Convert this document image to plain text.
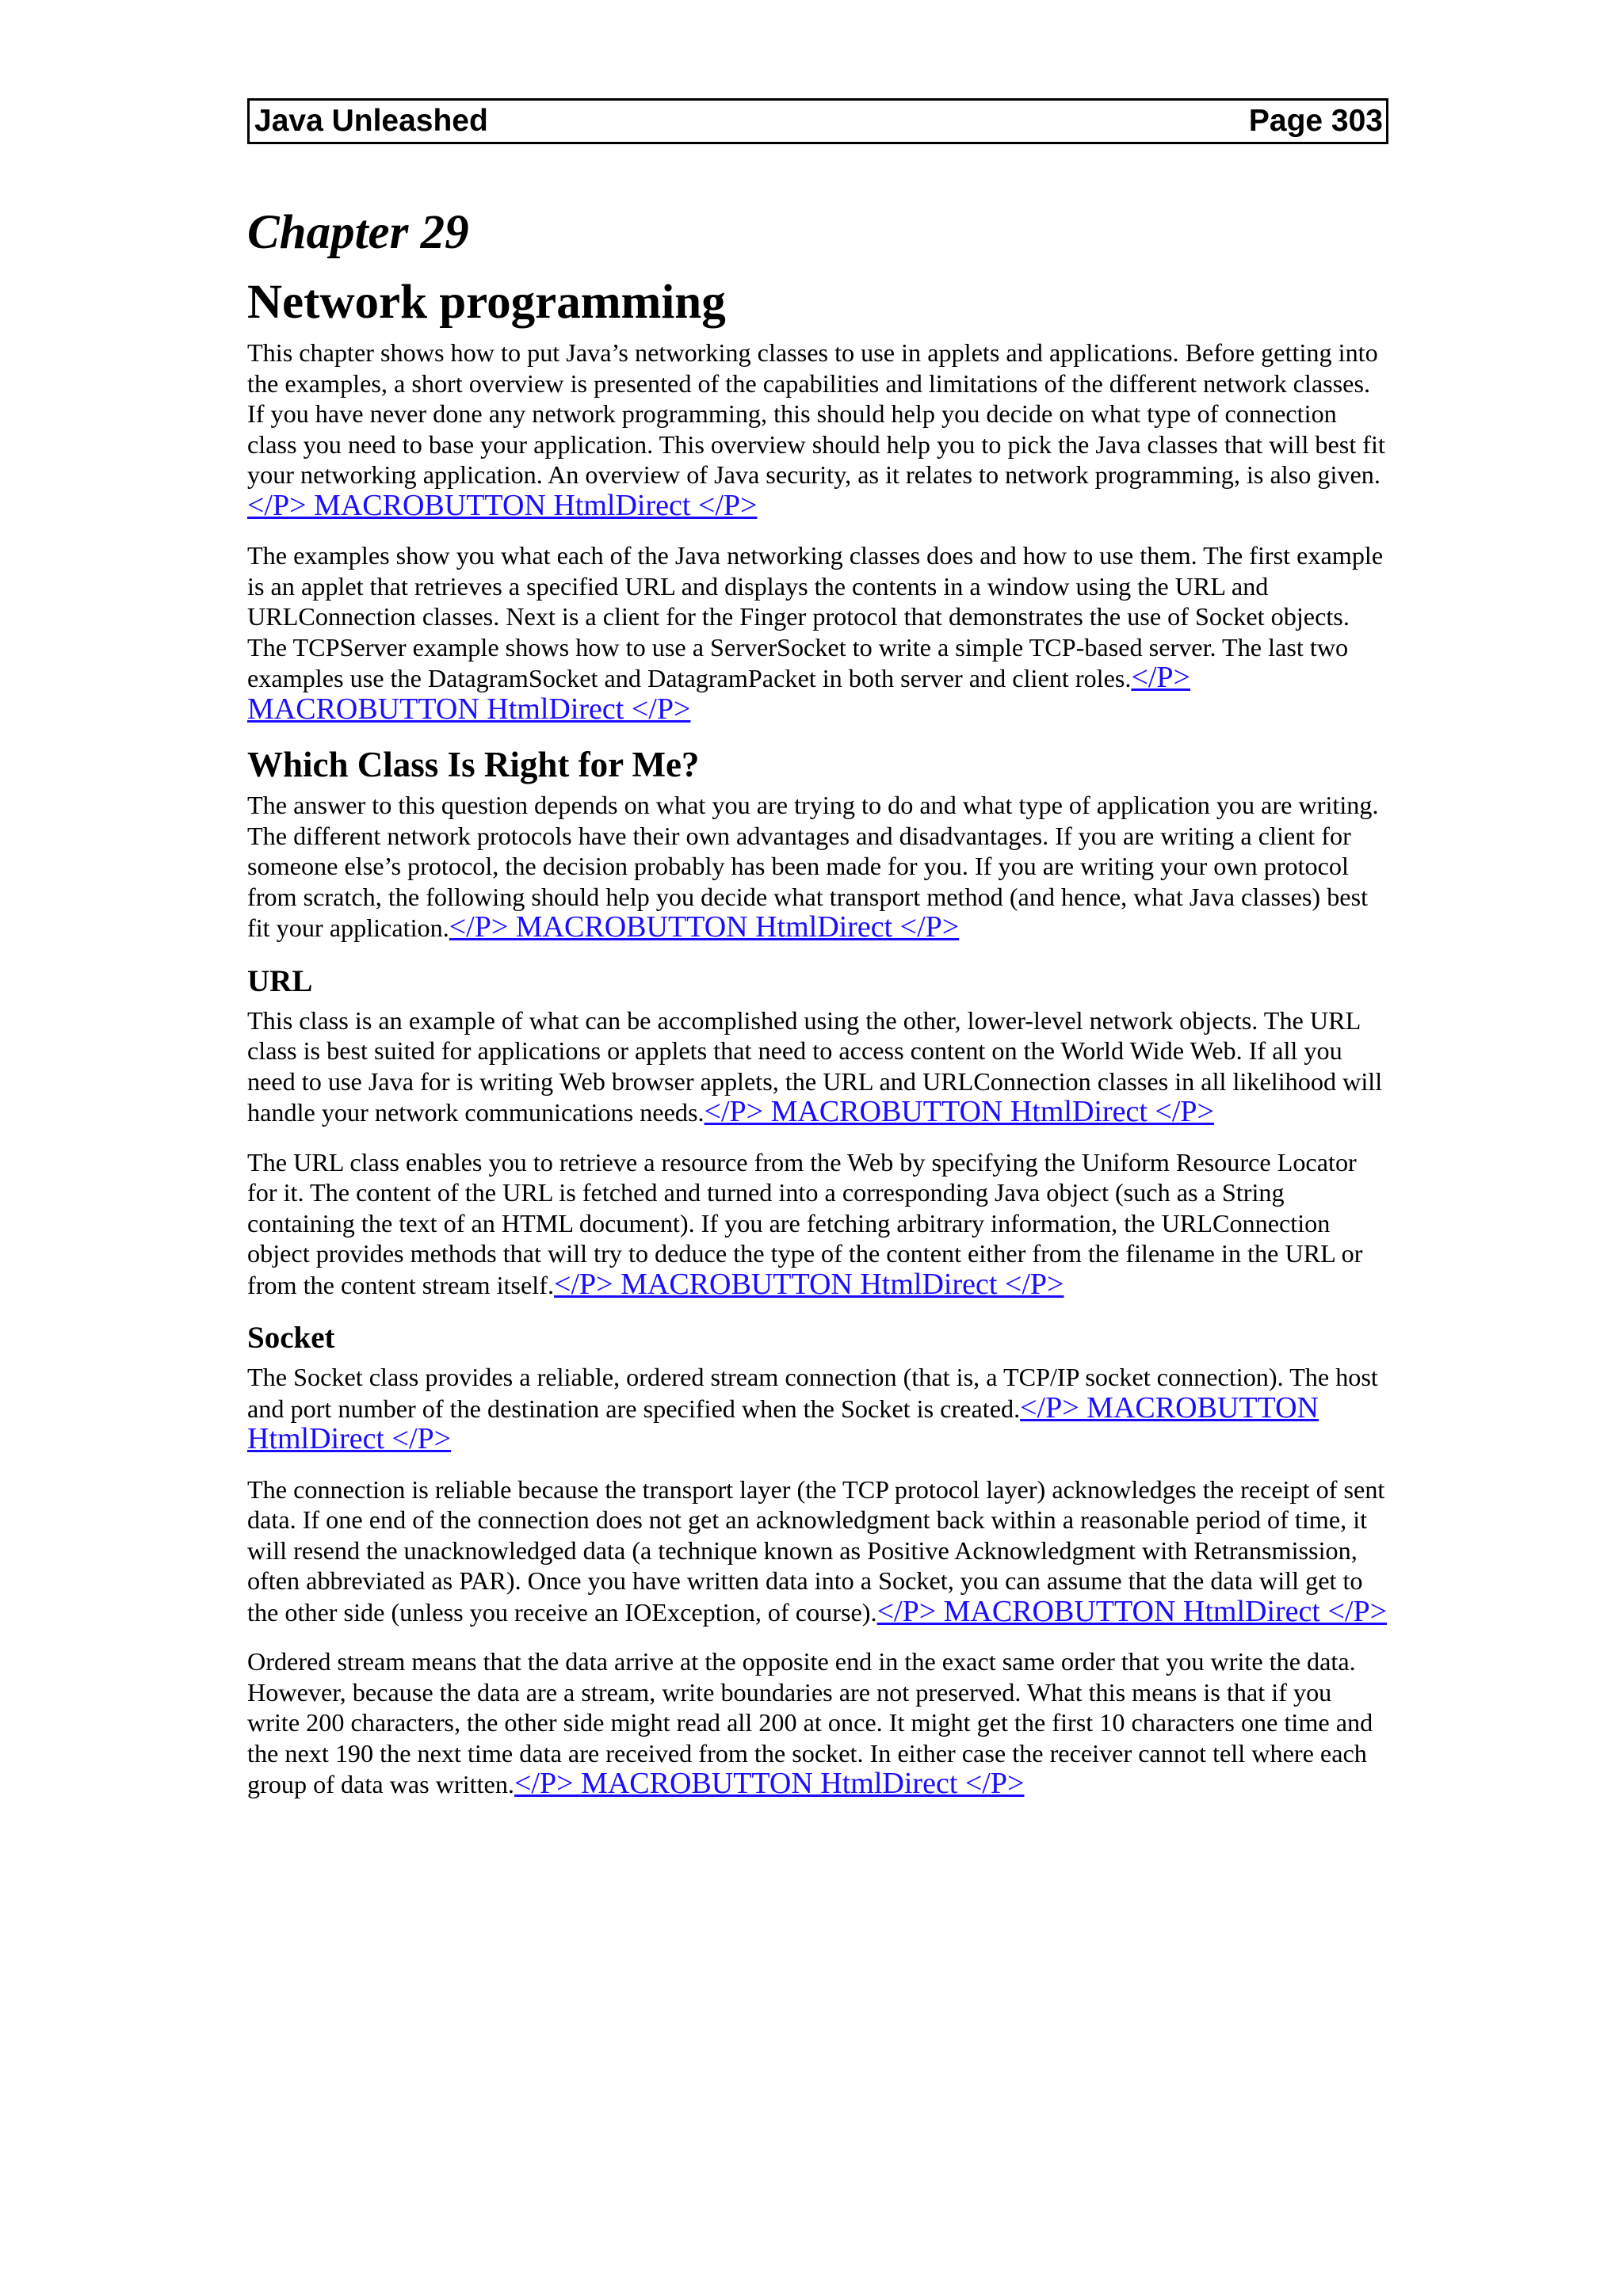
Java Unleashed	Page 303
Chapter 29
Network programming

This chapter shows how to put Java’s networking classes to use in applets and applications. Before getting into the examples, a short overview is presented of the capabilities and limitations of the different network classes. If you have never done any network programming, this should help you decide on what type of connection class you need to base your application. This overview should help you to pick the Java classes that will best fit your networking application. An overview of Java security, as it relates to network programming, is also given.</P> MACROBUTTON HtmlDirect </P>

The examples show you what each of the Java networking classes does and how to use them. The first example is an applet that retrieves a specified URL and displays the contents in a window using the URL and URLConnection classes. Next is a client for the Finger protocol that demonstrates the use of Socket objects. The TCPServer example shows how to use a ServerSocket to write a simple TCP-based server. The last two examples use the DatagramSocket and DatagramPacket in both server and client roles.</P> MACROBUTTON HtmlDirect </P>

Which Class Is Right for Me?

The answer to this question depends on what you are trying to do and what type of application you are writing. The different network protocols have their own advantages and disadvantages. If you are writing a client for someone else’s protocol, the decision probably has been made for you. If you are writing your own protocol from scratch, the following should help you decide what transport method (and hence, what Java classes) best fit your application.</P> MACROBUTTON HtmlDirect </P>

URL

This class is an example of what can be accomplished using the other, lower-level network objects. The URL class is best suited for applications or applets that need to access content on the World Wide Web. If all you need to use Java for is writing Web browser applets, the URL and URLConnection classes in all likelihood will handle your network communications needs.</P> MACROBUTTON HtmlDirect </P>

The URL class enables you to retrieve a resource from the Web by specifying the Uniform Resource Locator for it. The content of the URL is fetched and turned into a corresponding Java object (such as a String containing the text of an HTML document). If you are fetching arbitrary information, the URLConnection object provides methods that will try to deduce the type of the content either from the filename in the URL or from the content stream itself.</P> MACROBUTTON HtmlDirect </P>

Socket

The Socket class provides a reliable, ordered stream connection (that is, a TCP/IP socket connection). The host and port number of the destination are specified when the Socket is created.</P> MACROBUTTON HtmlDirect </P>

The connection is reliable because the transport layer (the TCP protocol layer) acknowledges the receipt of sent data. If one end of the connection does not get an acknowledgment back within a reasonable period of time, it will resend the unacknowledged data (a technique known as Positive Acknowledgment with Retransmission, often abbreviated as PAR). Once you have written data into a Socket, you can assume that the data will get to the other side (unless you receive an IOException, of course).</P> MACROBUTTON HtmlDirect </P>

Ordered stream means that the data arrive at the opposite end in the exact same order that you write the data. However, because the data are a stream, write boundaries are not preserved. What this means is that if you write 200 characters, the other side might read all 200 at once. It might get the first 10 characters one time and the next 190 the next time data are received from the socket. In either case the receiver cannot tell where each group of data was written.</P> MACROBUTTON HtmlDirect </P>
